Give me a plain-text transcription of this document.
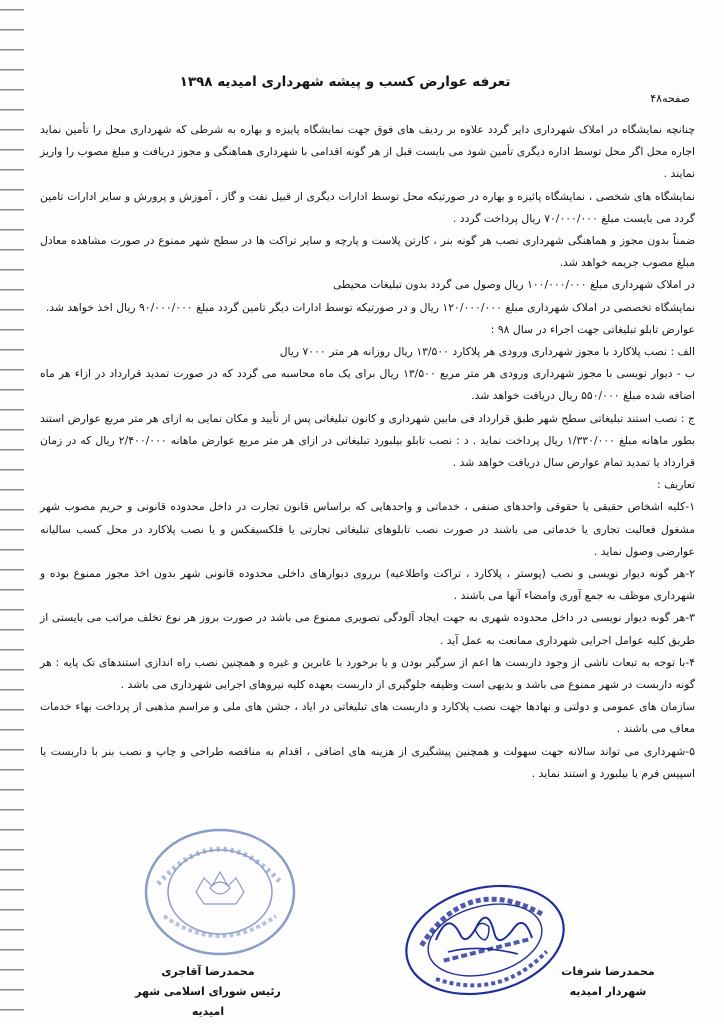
تعرفه عوارض کسب و پیشه شهرداری امیدیه ۱۳۹۸
صفحه۴۸

چنانچه نمایشگاه در املاک شهرداری دایر گردد علاوه بر ردیف های فوق جهت نمایشگاه پاییزه و بهاره به شرطی که شهرداری محل را تأمین نماید اجاره محل اگر محل توسط اداره دیگری تأمین شود می بایست قبل از هر گونه اقدامی با شهرداری هماهنگی و مجوز دریافت و مبلغ مصوب را واریز نمایند .

نمایشگاه های شخصی ، نمایشگاه پائیزه و بهاره در صورتیکه محل توسط ادارات دیگری از قبیل نفت و گاز ، آموزش و پرورش و سایر ادارات تامین گردد می بایست مبلغ ۷۰/۰۰۰/۰۰۰ ریال پرداخت گردد .

ضمناً بدون مجوز و هماهنگی شهرداری نصب هر گونه بنر ، کارتن پلاست و پارچه و سایر تراکت ها در سطح شهر ممنوع در صورت مشاهده معادل مبلغ مصوب جریمه خواهد شد.

در املاک شهرداری مبلغ ۱۰۰/۰۰۰/۰۰۰ ریال وصول می گردد بدون تبلیغات محیطی

نمایشگاه تخصصی در املاک شهرداری مبلغ ۱۲۰/۰۰۰/۰۰۰ ریال و در صورتیکه توسط ادارات دیگر تامین گردد مبلغ ۹۰/۰۰۰/۰۰۰ ریال اخذ خواهد شد.

عوارض تابلو تبلیغاتی جهت اجراء در سال ۹۸ :

الف : نصب پلاکارد با مجوز شهرداری ورودی هر پلاکارد ۱۳/۵۰۰ ریال روزانه هر متر ۷۰۰۰ ریال

ب - دیوار نویسی با مجوز شهرداری ورودی هر متر مربع ۱۳/۵۰۰ ریال برای یک ماه محاسبه می گردد که در صورت تمدید قرارداد در ازاء هر ماه اضافه شده مبلغ ۵۵۰/۰۰۰ ریال دریافت خواهد شد.

ج : نصب استند تبلیغاتی سطح شهر طبق قرارداد فی مابین شهرداری و کانون تبلیغاتی پس از تأیید و مکان نمایی به ازای هر متر مربع عوارض استند بطور ماهانه مبلغ ۱/۳۳۰/۰۰۰ ریال پرداخت نماید . د : نصب تابلو بیلبورد تبلیغاتی در ازای هر متر مربع عوارض ماهانه ۲/۴۰۰/۰۰۰ ریال که در زمان قرارداد یا تمدید تمام عوارض سال دریافت خواهد شد .

تعاریف :

۱-کلیه اشخاص حقیقی یا حقوقی واحدهای صنفی ، خدماتی و واحدهایی که براساس قانون تجارت در داخل محدوده قانونی و حریم مصوب شهر مشغول فعالیت تجاری یا خدماتی می باشند در صورت نصب تابلوهای تبلیغاتی تجارتی یا فلکسیفکس و یا نصب پلاکارد در محل کسب سالیانه عوارضی وصول نماید .

۲-هر گونه دیوار نویسی و نصب (پوستر ، پلاکارد ، تراکت واطلاعیه) برروی دیوارهای داخلی محدوده قانونی شهر بدون اخذ مجوز ممنوع بوده و شهرداری موظف به جمع آوری وامضاء آنها می باشند .

۳-هر گونه دیوار نویسی در داخل محدوده شهری به جهت ایجاد آلودگی تصویری ممنوع می باشد در صورت بروز هر نوع تخلف مراتب می بایستی از طریق کلیه عوامل اجرایی شهرداری ممانعت به عمل آید .

۴-با توجه به تبعات ناشی از وجود داربست ها اعم از سرگیر بودن و یا برخورد با عابرین و غیره و همچنین نصب راه اندازی استندهای تک پایه : هر گونه داربست در شهر ممنوع می باشد و بدیهی است وظیفه جلوگیری از داربست بعهده کلیه نیروهای اجرایی شهرداری می باشد .

سازمان های عمومی و دولتی و نهادها جهت نصب پلاکارد و داربست های تبلیغاتی در ایاد ، جشن های ملی و مراسم مذهبی از پرداخت بهاء خدمات معاف می باشند .

۵-شهرداری می تواند سالانه جهت سهولت و همچنین پیشگیری از هزینه های اضافی ، اقدام به مناقصه طراحی و چاپ و نصب بنر با داربست یا اسپیس فرم یا بیلبورد و استند نماید .

محمدرضا آقاجری
رئیس شورای اسلامی شهر امیدیه
محمدرضا شرفات
شهردار امیدیه
